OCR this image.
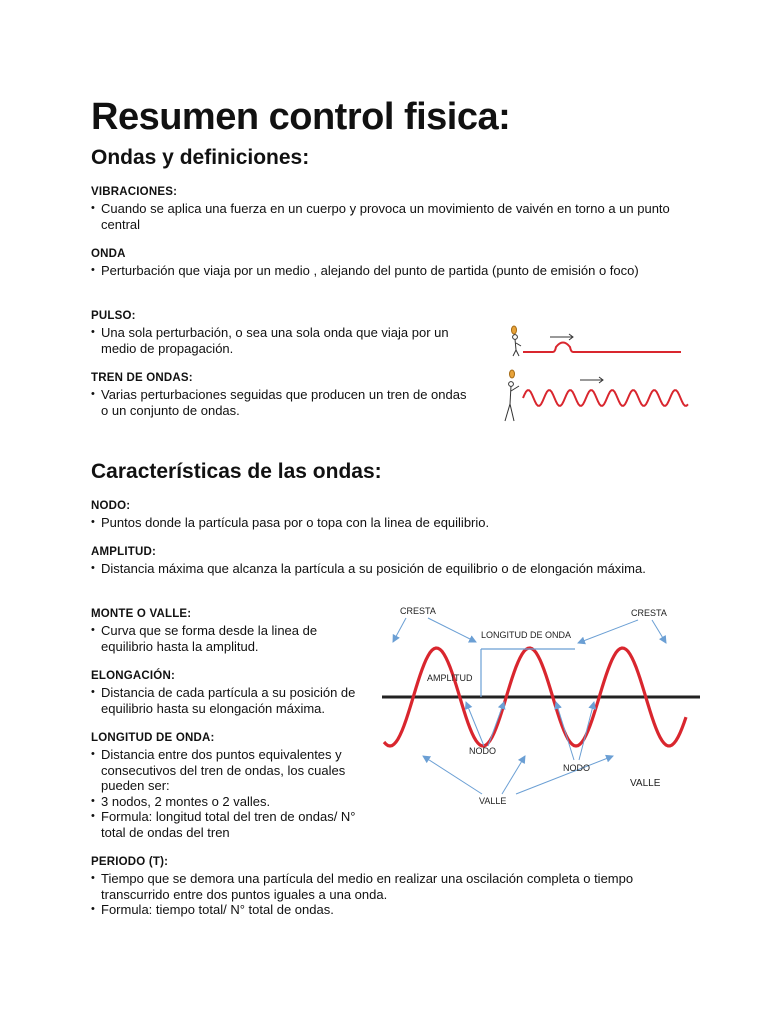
Resumen control fisica:
Ondas y definiciones:
Características de las ondas:
VIBRACIONES:
• Cuando se aplica una fuerza en un cuerpo y provoca un movimiento de vaivén en torno a un punto central
ONDA
• Perturbación que viaja por un medio , alejando del punto de partida (punto de emisión o foco)
PULSO:
• Una sola perturbación, o sea una sola onda que viaja por un medio de propagación.
TREN DE ONDAS:
• Varias perturbaciones seguidas que producen un tren de ondas o un conjunto de ondas.
NODO:
• Puntos donde la partícula pasa por o topa con la linea de equilibrio.
AMPLITUD:
• Distancia máxima que alcanza la partícula a su posición de equilibrio o de elongación máxima.
MONTE O VALLE:
• Curva que se forma desde la linea de equilibrio hasta la amplitud.
ELONGACIÓN:
• Distancia de cada partícula a su posición de equilibrio hasta su elongación máxima.
LONGITUD DE ONDA:
• Distancia entre dos puntos equivalentes y consecutivos del tren de ondas, los cuales pueden ser:
• 3 nodos, 2 montes o 2 valles.
• Formula: longitud total del tren de ondas/ N° total de ondas del tren
PERIODO (T):
• Tiempo que se demora una partícula del medio en realizar una oscilación completa o tiempo transcurrido entre dos puntos iguales a una onda.
• Formula: tiempo total/ N° total de ondas.
CRESTA	CRESTA
LONGITUD DE ONDA
AMPLITUD
NODO
NODO
VALLE
VALLE
